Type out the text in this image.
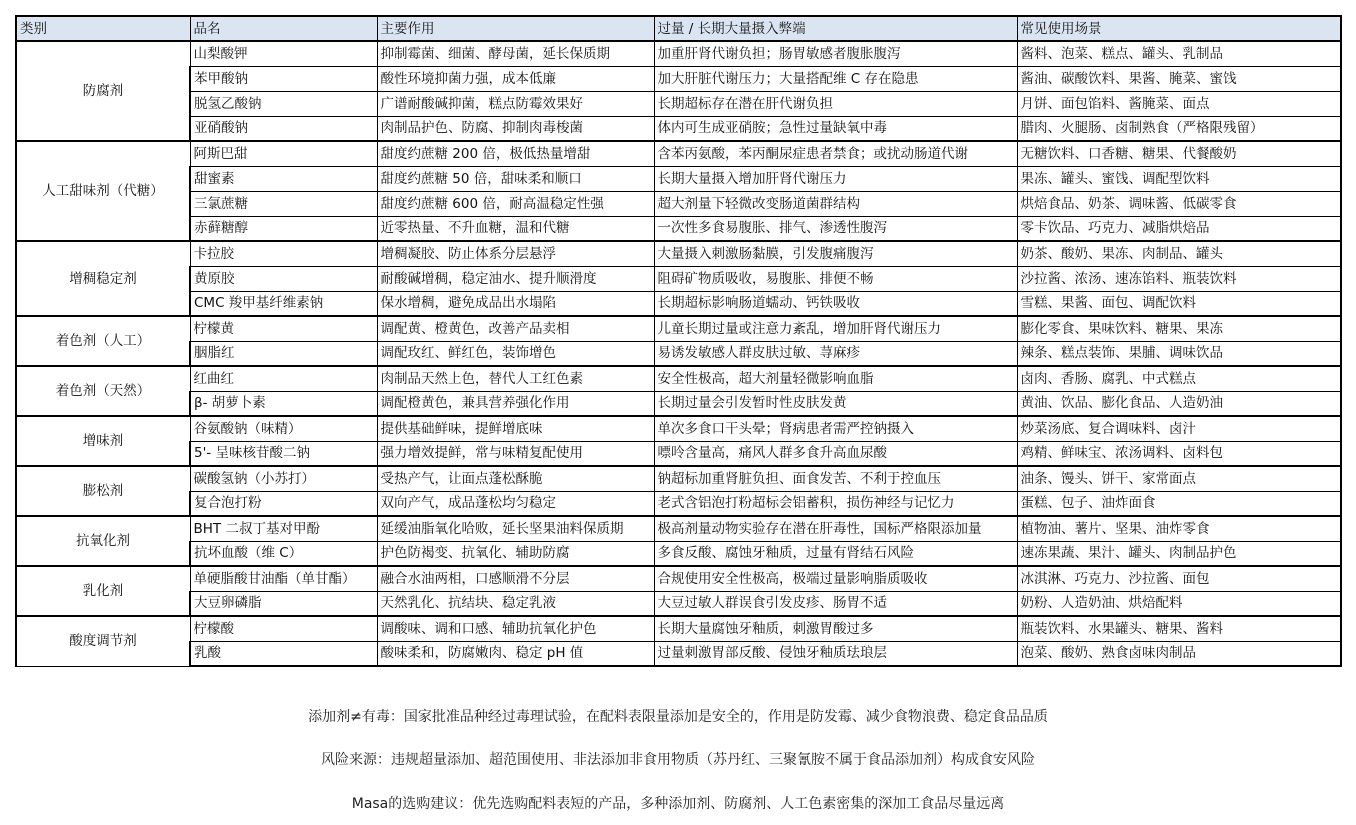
类别	品名	主要作用	过量 / 长期大量摄入弊端	常见使用场景
防腐剂	山梨酸钾	抑制霉菌、细菌、酵母菌，延长保质期	加重肝肾代谢负担；肠胃敏感者腹胀腹泻	酱料、泡菜、糕点、罐头、乳制品
	苯甲酸钠	酸性环境抑菌力强，成本低廉	加大肝脏代谢压力；大量搭配维 C 存在隐患	酱油、碳酸饮料、果酱、腌菜、蜜饯
	脱氢乙酸钠	广谱耐酸碱抑菌，糕点防霉效果好	长期超标存在潜在肝代谢负担	月饼、面包馅料、酱腌菜、面点
	亚硝酸钠	肉制品护色、防腐、抑制肉毒梭菌	体内可生成亚硝胺；急性过量缺氧中毒	腊肉、火腿肠、卤制熟食（严格限残留）
人工甜味剂（代糖）	阿斯巴甜	甜度约蔗糖 200 倍，极低热量增甜	含苯丙氨酸，苯丙酮尿症患者禁食；或扰动肠道代谢	无糖饮料、口香糖、糖果、代餐酸奶
	甜蜜素	甜度约蔗糖 50 倍，甜味柔和顺口	长期大量摄入增加肝肾代谢压力	果冻、罐头、蜜饯、调配型饮料
	三氯蔗糖	甜度约蔗糖 600 倍，耐高温稳定性强	超大剂量下轻微改变肠道菌群结构	烘焙食品、奶茶、调味酱、低碳零食
	赤藓糖醇	近零热量、不升血糖，温和代糖	一次性多食易腹胀、排气、渗透性腹泻	零卡饮品、巧克力、减脂烘焙品
增稠稳定剂	卡拉胶	增稠凝胶、防止体系分层悬浮	大量摄入刺激肠黏膜，引发腹痛腹泻	奶茶、酸奶、果冻、肉制品、罐头
	黄原胶	耐酸碱增稠，稳定油水、提升顺滑度	阻碍矿物质吸收，易腹胀、排便不畅	沙拉酱、浓汤、速冻馅料、瓶装饮料
	CMC 羧甲基纤维素钠	保水增稠，避免成品出水塌陷	长期超标影响肠道蠕动、钙铁吸收	雪糕、果酱、面包、调配饮料
着色剂（人工）	柠檬黄	调配黄、橙黄色，改善产品卖相	儿童长期过量或注意力紊乱，增加肝肾代谢压力	膨化零食、果味饮料、糖果、果冻
	胭脂红	调配玫红、鲜红色，装饰增色	易诱发敏感人群皮肤过敏、荨麻疹	辣条、糕点装饰、果脯、调味饮品
着色剂（天然）	红曲红	肉制品天然上色，替代人工红色素	安全性极高，超大剂量轻微影响血脂	卤肉、香肠、腐乳、中式糕点
	β- 胡萝卜素	调配橙黄色，兼具营养强化作用	长期过量会引发暂时性皮肤发黄	黄油、饮品、膨化食品、人造奶油
增味剂	谷氨酸钠（味精）	提供基础鲜味，提鲜增底味	单次多食口干头晕；肾病患者需严控钠摄入	炒菜汤底、复合调味料、卤汁
	5'- 呈味核苷酸二钠	强力增效提鲜，常与味精复配使用	嘌呤含量高，痛风人群多食升高血尿酸	鸡精、鲜味宝、浓汤调料、卤料包
膨松剂	碳酸氢钠（小苏打）	受热产气，让面点蓬松酥脆	钠超标加重肾脏负担、面食发苦、不利于控血压	油条、馒头、饼干、家常面点
	复合泡打粉	双向产气，成品蓬松均匀稳定	老式含铝泡打粉超标会铝蓄积，损伤神经与记忆力	蛋糕、包子、油炸面食
抗氧化剂	BHT 二叔丁基对甲酚	延缓油脂氧化哈败，延长坚果油料保质期	极高剂量动物实验存在潜在肝毒性，国标严格限添加量	植物油、薯片、坚果、油炸零食
	抗坏血酸（维 C）	护色防褐变、抗氧化、辅助防腐	多食反酸、腐蚀牙釉质，过量有肾结石风险	速冻果蔬、果汁、罐头、肉制品护色
乳化剂	单硬脂酸甘油酯（单甘酯）	融合水油两相，口感顺滑不分层	合规使用安全性极高，极端过量影响脂质吸收	冰淇淋、巧克力、沙拉酱、面包
	大豆卵磷脂	天然乳化、抗结块、稳定乳液	大豆过敏人群误食引发皮疹、肠胃不适	奶粉、人造奶油、烘焙配料
酸度调节剂	柠檬酸	调酸味、调和口感、辅助抗氧化护色	长期大量腐蚀牙釉质，刺激胃酸过多	瓶装饮料、水果罐头、糖果、酱料
	乳酸	酸味柔和，防腐嫩肉、稳定 pH 值	过量刺激胃部反酸、侵蚀牙釉质珐琅层	泡菜、酸奶、熟食卤味肉制品
添加剂≠有毒：国家批准品种经过毒理试验，在配料表限量添加是安全的，作用是防发霉、减少食物浪费、稳定食品品质
风险来源：违规超量添加、超范围使用、非法添加非食用物质（苏丹红、三聚氰胺不属于食品添加剂）构成食安风险
Masa的选购建议：优先选购配料表短的产品，多种添加剂、防腐剂、人工色素密集的深加工食品尽量远离
